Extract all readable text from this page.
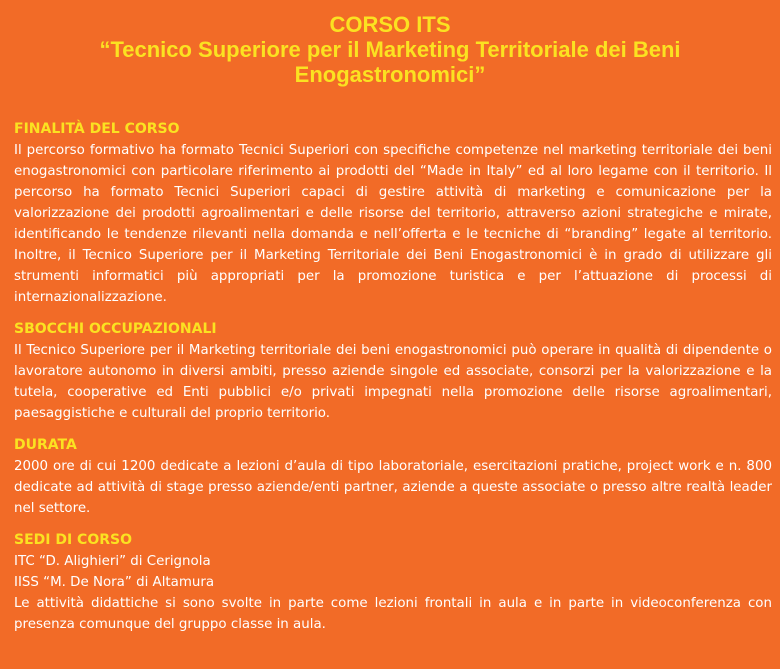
CORSO ITS
“Tecnico Superiore per il Marketing Territoriale dei Beni
Enogastronomici”
FINALITÀ DEL CORSO
Il percorso formativo ha formato Tecnici Superiori con specifiche competenze nel marketing territoriale dei beni enogastronomici con particolare riferimento ai prodotti del “Made in Italy” ed al loro legame con il territorio. Il percorso ha formato Tecnici Superiori capaci di gestire attività di marketing e comunicazione per la valorizzazione dei prodotti agroalimentari e delle risorse del territorio, attraverso azioni strategiche e mirate, identificando le tendenze rilevanti nella domanda e nell’offerta e le tecniche di “branding” legate al territorio. Inoltre, il Tecnico Superiore per il Marketing Territoriale dei Beni Enogastronomici è in grado di utilizzare gli strumenti informatici più appropriati per la promozione turistica e per l’attuazione di processi di internazionalizzazione.
SBOCCHI OCCUPAZIONALI
Il Tecnico Superiore per il Marketing territoriale dei beni enogastronomici può operare in qualità di dipendente o lavoratore autonomo in diversi ambiti, presso aziende singole ed associate, consorzi per la valorizzazione e la tutela, cooperative ed Enti pubblici e/o privati impegnati nella promozione delle risorse agroalimentari, paesaggistiche e culturali del proprio territorio.
DURATA
2000 ore di cui 1200 dedicate a lezioni d’aula di tipo laboratoriale, esercitazioni pratiche, project work e n. 800 dedicate ad attività di stage presso aziende/enti partner, aziende a queste associate o presso altre realtà leader nel settore.
SEDI DI CORSO
ITC “D. Alighieri” di Cerignola
IISS “M. De Nora” di Altamura
Le attività didattiche si sono svolte in parte come lezioni frontali in aula e in parte in videoconferenza con presenza comunque del gruppo classe in aula.
